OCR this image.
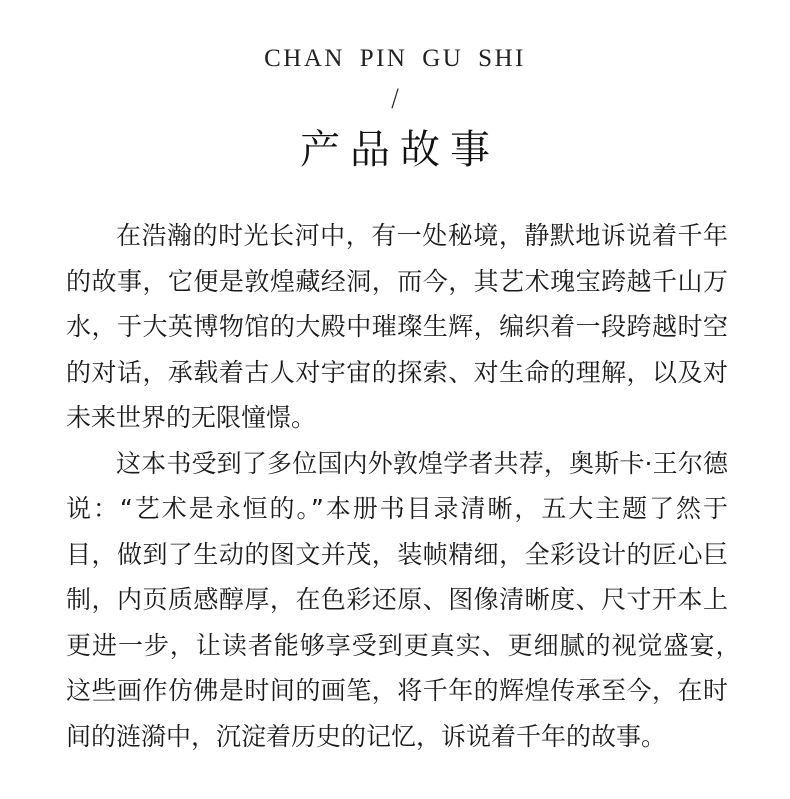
CHAN PIN GU SHI
/
产品故事

在浩瀚的时光长河中，有一处秘境，静默地诉说着千年的故事，它便是敦煌藏经洞，而今，其艺术瑰宝跨越千山万水，于大英博物馆的大殿中璀璨生辉，编织着一段跨越时空的对话，承载着古人对宇宙的探索、对生命的理解，以及对未来世界的无限憧憬。

这本书受到了多位国内外敦煌学者共荐，奥斯卡·王尔德说：“艺术是永恒的。”本册书目录清晰，五大主题了然于目，做到了生动的图文并茂，装帧精细，全彩设计的匠心巨制，内页质感醇厚，在色彩还原、图像清晰度、尺寸开本上更进一步，让读者能够享受到更真实、更细腻的视觉盛宴，　这些画作仿佛是时间的画笔，将千年的辉煌传承至今，在时间的涟漪中，沉淀着历史的记忆，诉说着千年的故事。
